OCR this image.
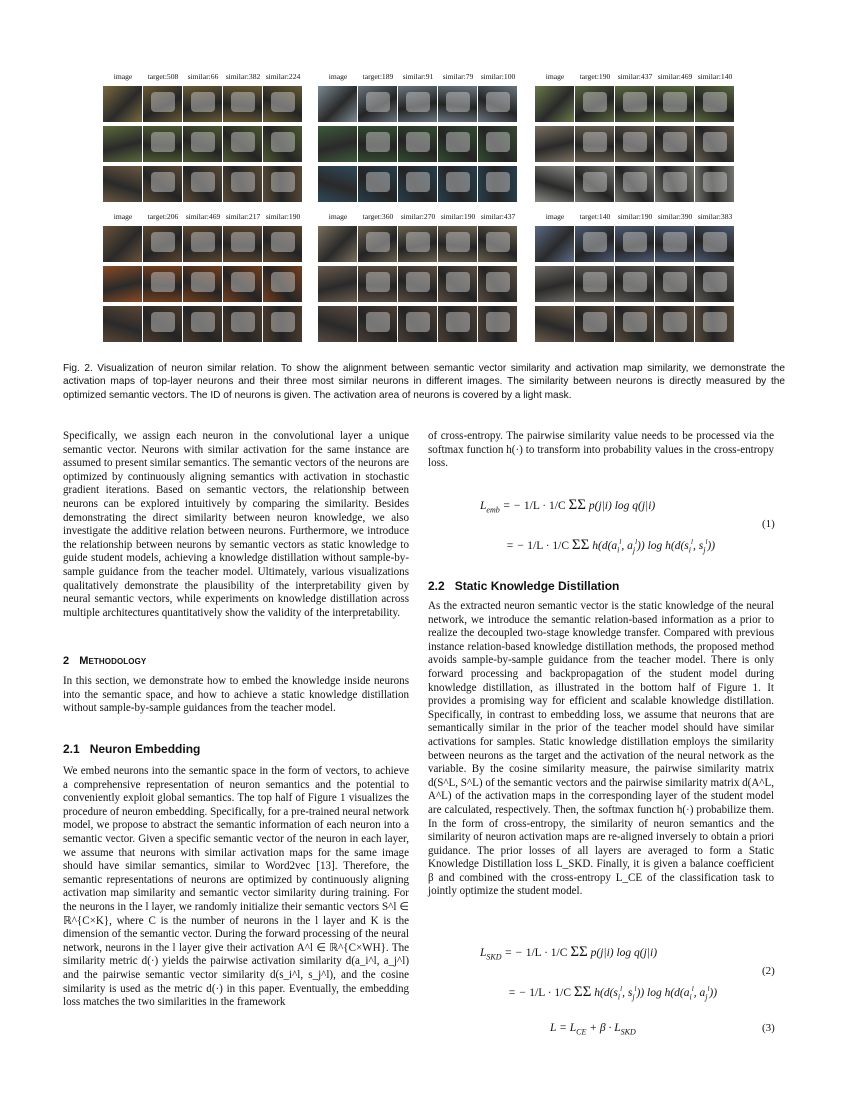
image	target:508	similar:66 similar:382 similar:224	image	target:189	similar:91	similar:79 similar:100	image	target:190 similar:437 similar:469 similar:140
image	target:206 similar:469 similar:217 similar:190	image	target:360 similar:270 similar:190 similar:437	image	target:140 similar:190 similar:390 similar:383
Fig. 2. Visualization of neuron similar relation. To show the alignment between semantic vector similarity and activation map similarity, we demonstrate the activation maps of top-layer neurons and their three most similar neurons in different images. The similarity between neurons is directly measured by the optimized semantic vectors. The ID of neurons is given. The activation area of neurons is covered by a light mask.

Specifically, we assign each neuron in the convolutional layer a unique semantic vector. Neurons with similar activation for the same instance are assumed to present similar semantics. The semantic vectors of the neurons are optimized by continuously aligning semantics with activation in stochastic gradient iterations. Based on semantic vectors, the relationship between neurons can be explored intuitively by comparing the similarity. Besides demonstrating the direct similarity between neuron knowledge, we also investigate the additive relation between neurons. Furthermore, we introduce the relationship between neurons by semantic vectors as static knowledge to guide student models, achieving a knowledge distillation without sample-by-sample guidance from the teacher model. Ultimately, various visualizations qualitatively demonstrate the plausibility of the interpretability given by neural semantic vectors, while experiments on knowledge distillation across multiple architectures quantitatively show the validity of the interpretability.

2 Methodology

In this section, we demonstrate how to embed the knowledge inside neurons into the semantic space, and how to achieve a static knowledge distillation without sample-by-sample guidances from the teacher model.

2.1 Neuron Embedding

We embed neurons into the semantic space in the form of vectors, to achieve a comprehensive representation of neuron semantics and the potential to conveniently exploit global semantics. The top half of Figure 1 visualizes the procedure of neuron embedding. Specifically, for a pre-trained neural network model, we propose to abstract the semantic information of each neuron into a semantic vector. Given a specific semantic vector of the neuron in each layer, we assume that neurons with similar activation maps for the same image should have similar semantics, similar to Word2vec [13]. Therefore, the semantic representations of neurons are optimized by continuously aligning activation map similarity and semantic vector similarity during training. For the neurons in the l layer, we randomly initialize their semantic vectors S^l ∈ ℝ^{C×K}, where C is the number of neurons in the l layer and K is the dimension of the semantic vector. During the forward processing of the neural network, neurons in the l layer give their activation A^l ∈ ℝ^{C×WH}. The similarity metric d(·) yields the pairwise activation similarity d(a_i^l, a_j^l) and the pairwise semantic vector similarity d(s_i^l, s_j^l), and the cosine similarity is used as the metric d(·) in this paper. Eventually, the embedding loss matches the two similarities in the framework

of cross-entropy. The pairwise similarity value needs to be processed via the softmax function h(·) to transform into probability values in the cross-entropy loss.

$L_{emb}$ = − 1/L · 1/C ΣΣ p(j|i) log q(j|i)
= − 1/L · 1/C ΣΣ $h(d(a_i^l$, $a_j^l$)) $\log h(d(s_i^l$, $s_j^l$))
(1)
2.2 Static Knowledge Distillation

As the extracted neuron semantic vector is the static knowledge of the neural network, we introduce the semantic relation-based information as a prior to realize the decoupled two-stage knowledge transfer. Compared with previous instance relation-based knowledge distillation methods, the proposed method avoids sample-by-sample guidance from the teacher model. There is only forward processing and backpropagation of the student model during knowledge distillation, as illustrated in the bottom half of Figure 1. It provides a promising way for efficient and scalable knowledge distillation. Specifically, in contrast to embedding loss, we assume that neurons that are semantically similar in the prior of the teacher model should have similar activations for samples. Static knowledge distillation employs the similarity between neurons as the target and the activation of the neural network as the variable. By the cosine similarity measure, the pairwise similarity matrix d(S^L, S^L) of the semantic vectors and the pairwise similarity matrix d(A^L, A^L) of the activation maps in the corresponding layer of the student model are calculated, respectively. Then, the softmax function h(·) probabilize them. In the form of cross-entropy, the similarity of neuron semantics and the similarity of neuron activation maps are re-aligned inversely to obtain a priori guidance. The prior losses of all layers are averaged to form a Static Knowledge Distillation loss L_SKD. Finally, it is given a balance coefficient β and combined with the cross-entropy L_CE of the classification task to jointly optimize the student model.

$L_{SKD}$ = − 1/L · 1/C ΣΣ p(j|i) log q(j|i)
= − 1/L · 1/C ΣΣ $h(d(s_i^l$, $s_j^l$)) $\log h(d(a_i^l$, $a_j^l$))
(2)
$L = L_{CE} + \beta \cdot L_{SKD}$	(3)
